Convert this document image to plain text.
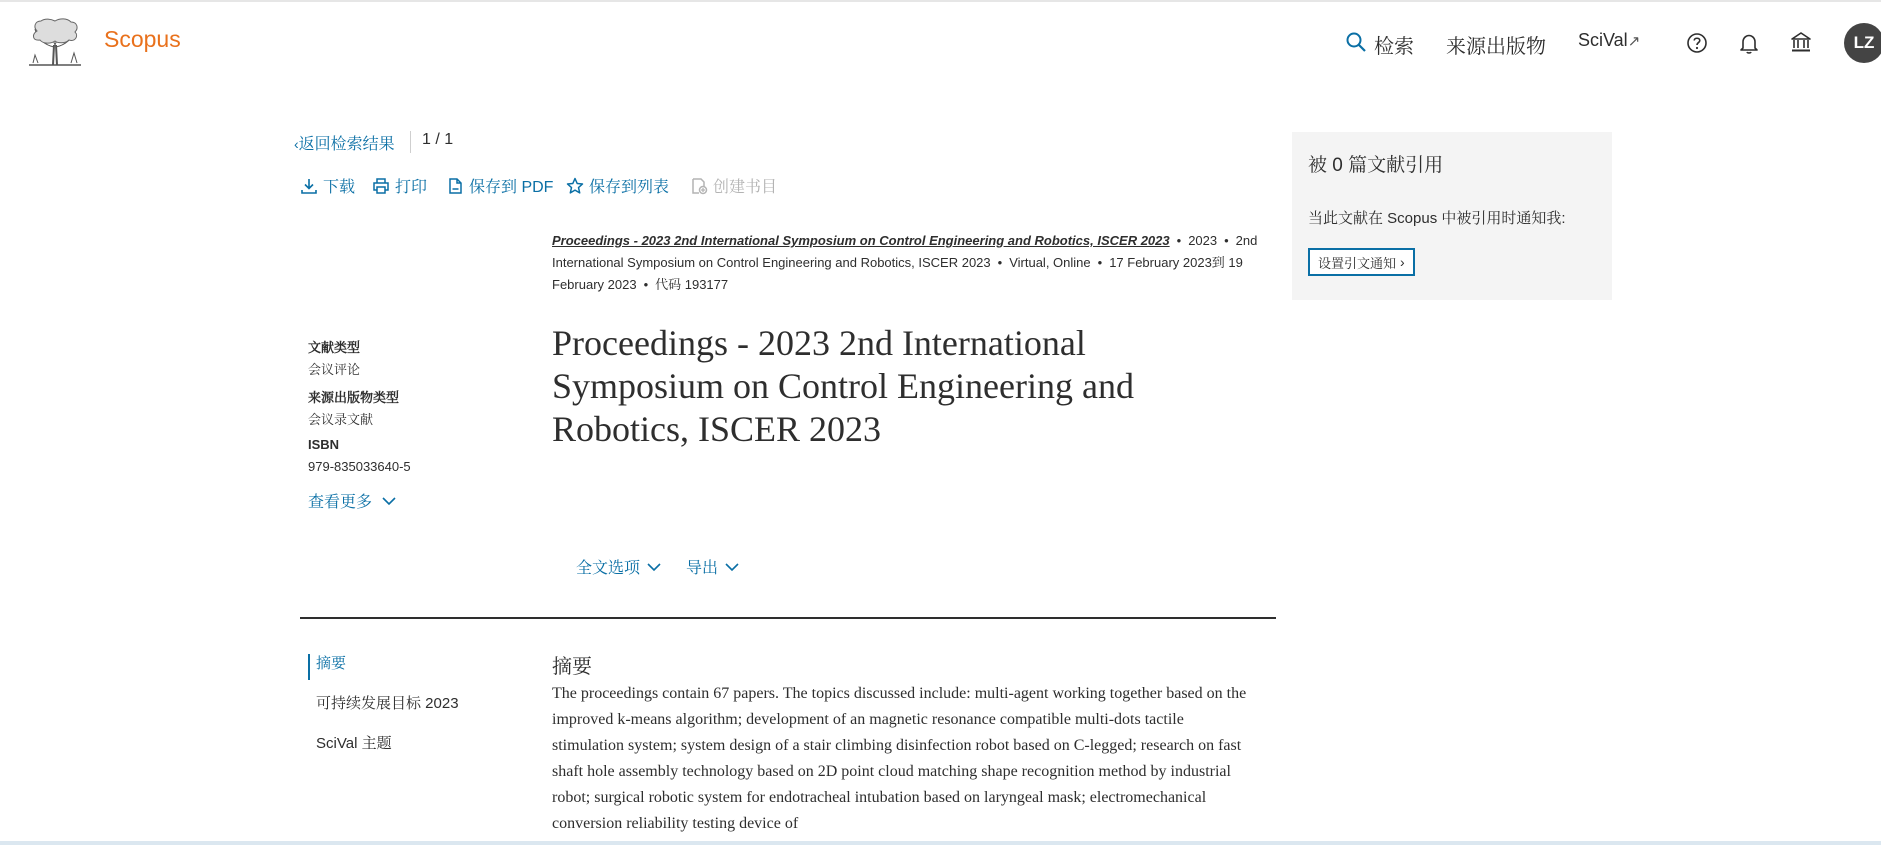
Scopus	检索 来源出版物 SciVal↗	LZ
‹返回检索结果 1 / 1
下载 打印	保存到 PDF 保存到列表	创建书目
Proceedings - 2023 2nd International Symposium on Control Engineering and Robotics, ISCER 2023 • 2023 • 2nd International Symposium on Control Engineering and Robotics, ISCER 2023 • Virtual, Online • 17 February 2023到 19 February 2023 • 代码 193177
文献类型
会议评论
来源出版物类型
会议录文献
ISBN
979-835033640-5
查看更多
Proceedings - 2023 2nd International Symposium on Control Engineering and Robotics, ISCER 2023
全文选项	导出
摘要
可持续发展目标 2023
SciVal 主题
摘要
The proceedings contain 67 papers. The topics discussed include: multi-agent working together based on the improved k-means algorithm; development of an magnetic resonance compatible multi-dots tactile stimulation system; system design of a stair climbing disinfection robot based on C-legged; research on fast shaft hole assembly technology based on 2D point cloud matching shape recognition method by industrial robot; surgical robotic system for endotracheal intubation based on laryngeal mask; electromechanical conversion reliability testing device of
被 0 篇文献引用
当此文献在 Scopus 中被引用时通知我:
设置引文通知 ›
